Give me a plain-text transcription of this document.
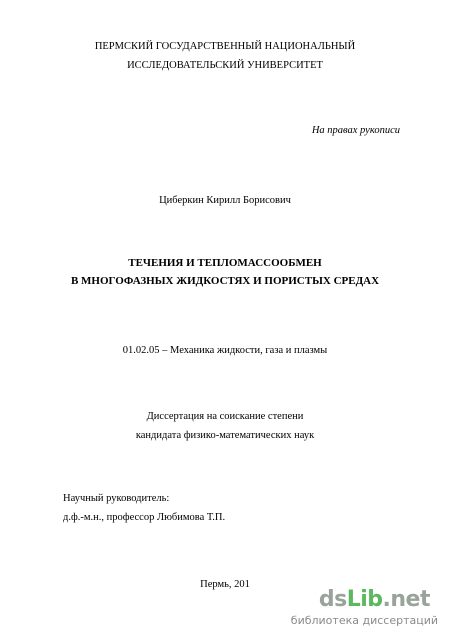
ПЕРМСКИЙ ГОСУДАРСТВЕННЫЙ НАЦИОНАЛЬНЫЙ
ИССЛЕДОВАТЕЛЬСКИЙ УНИВЕРСИТЕТ
На правах рукописи
Циберкин Кирилл Борисович
ТЕЧЕНИЯ И ТЕПЛОМАССООБМЕН
В МНОГОФАЗНЫХ ЖИДКОСТЯХ И ПОРИСТЫХ СРЕДАХ
01.02.05 – Механика жидкости, газа и плазмы
Диссертация на соискание степени
кандидата физико-математических наук
Научный руководитель:
д.ф.-м.н., профессор Любимова Т.П.
Пермь, 201
dsLib.net
библиотека диссертаций
